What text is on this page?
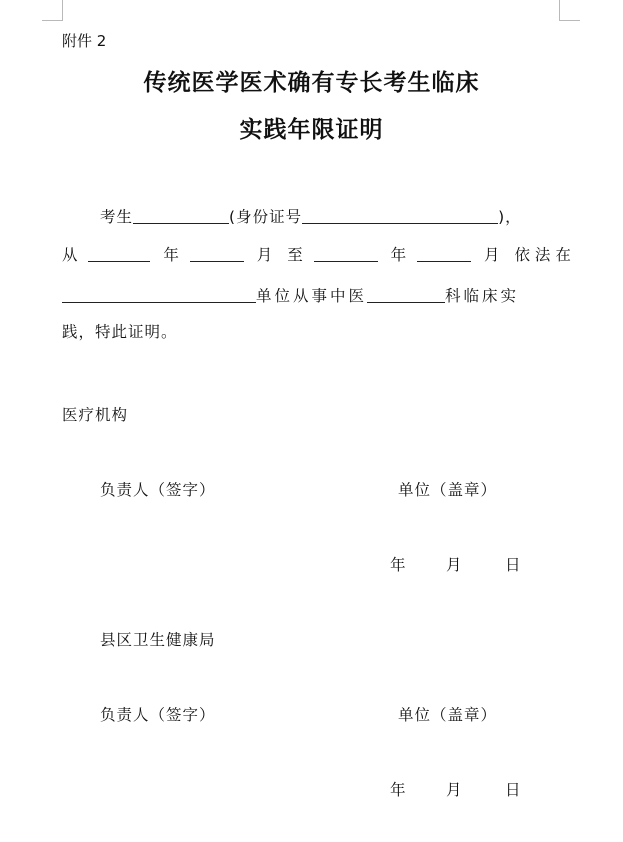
附件 2
传统医学医术确有专长考生临床
实践年限证明
考生	(身份证号	)，
从	年	月 至	年	月 依 法 在
单位从事中医	科临床实
践，特此证明。
医疗机构
负责人（签字）	单位（盖章）
年	月	日
县区卫生健康局
负责人（签字）	单位（盖章）
年	月	日
